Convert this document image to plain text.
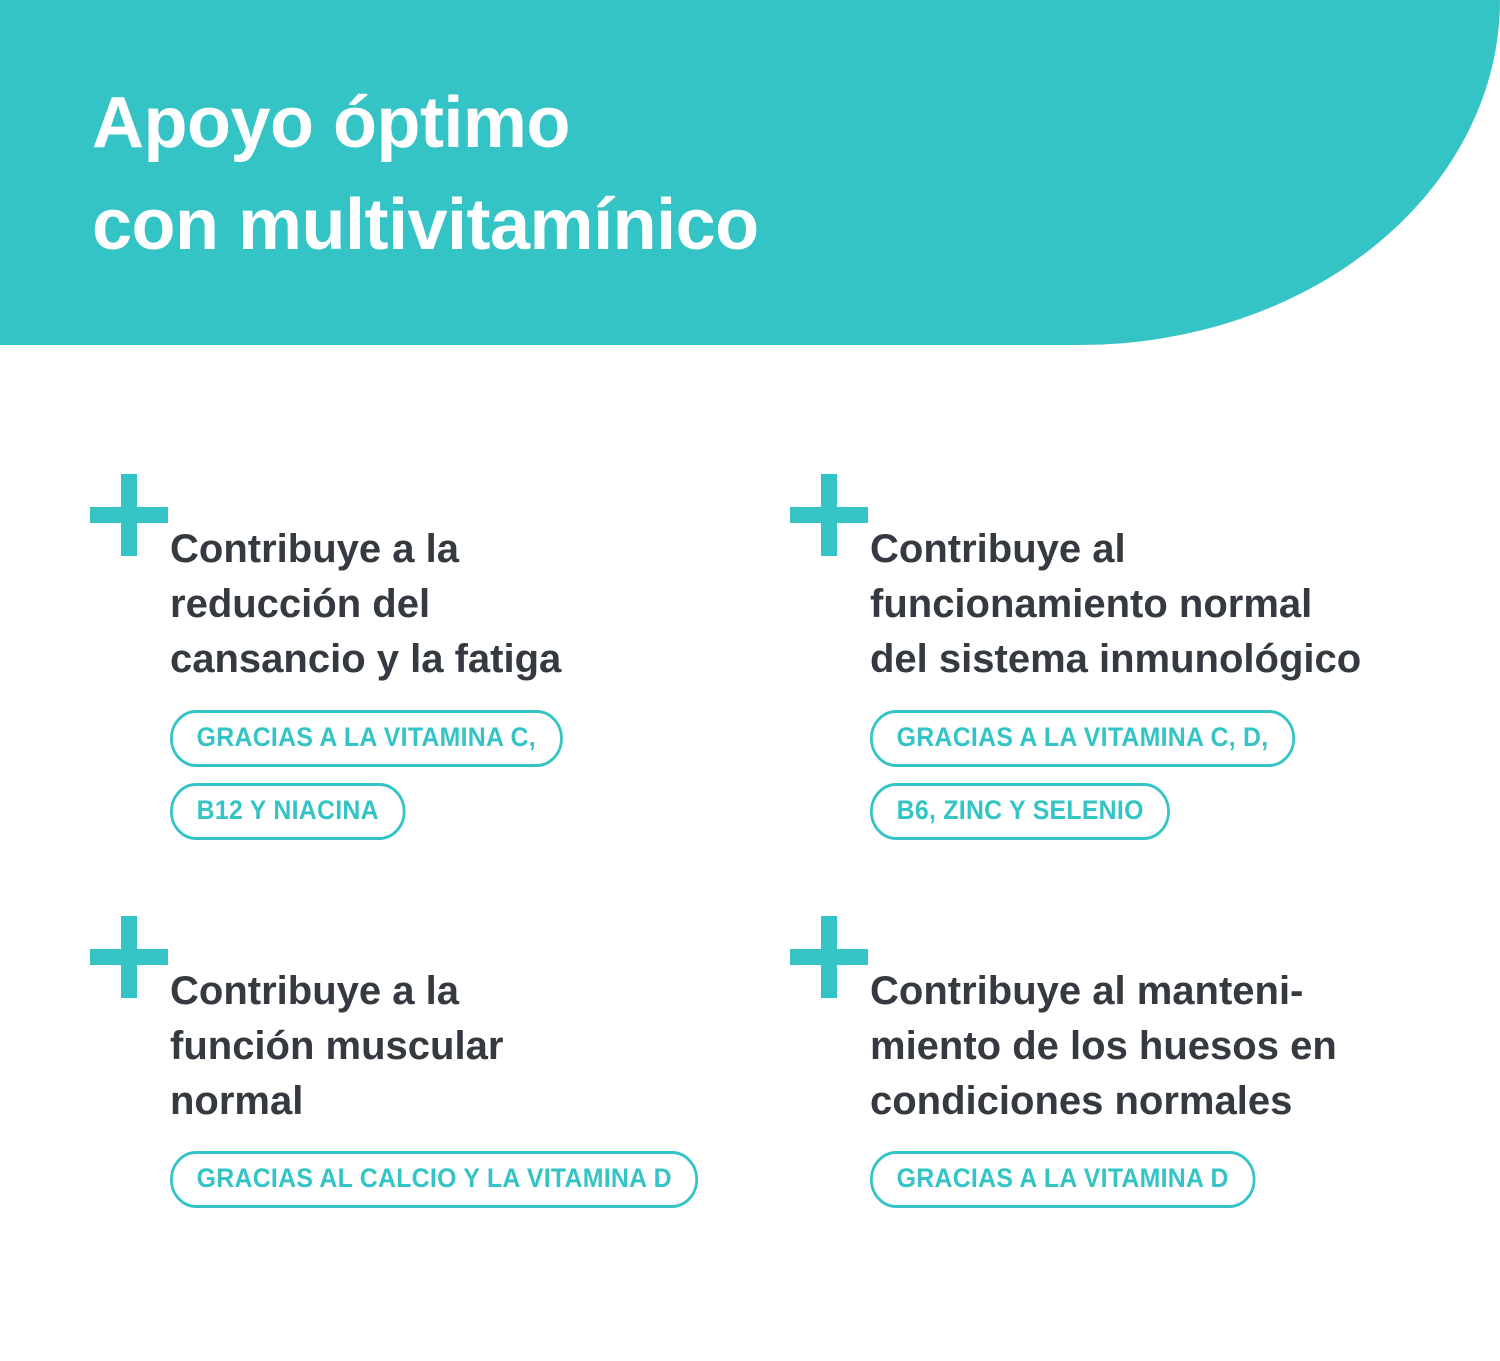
Apoyo óptimo
con multivitamínico
Contribuye a la
reducción del
cansancio y la fatiga
GRACIAS A LA VITAMINA C,
B12 Y NIACINA
Contribuye al
funcionamiento normal
del sistema inmunológico
GRACIAS A LA VITAMINA C, D,
B6, ZINC Y SELENIO
Contribuye a la
función muscular
normal
GRACIAS AL CALCIO Y LA VITAMINA D
Contribuye al manteni-
miento de los huesos en
condiciones normales
GRACIAS A LA VITAMINA D
